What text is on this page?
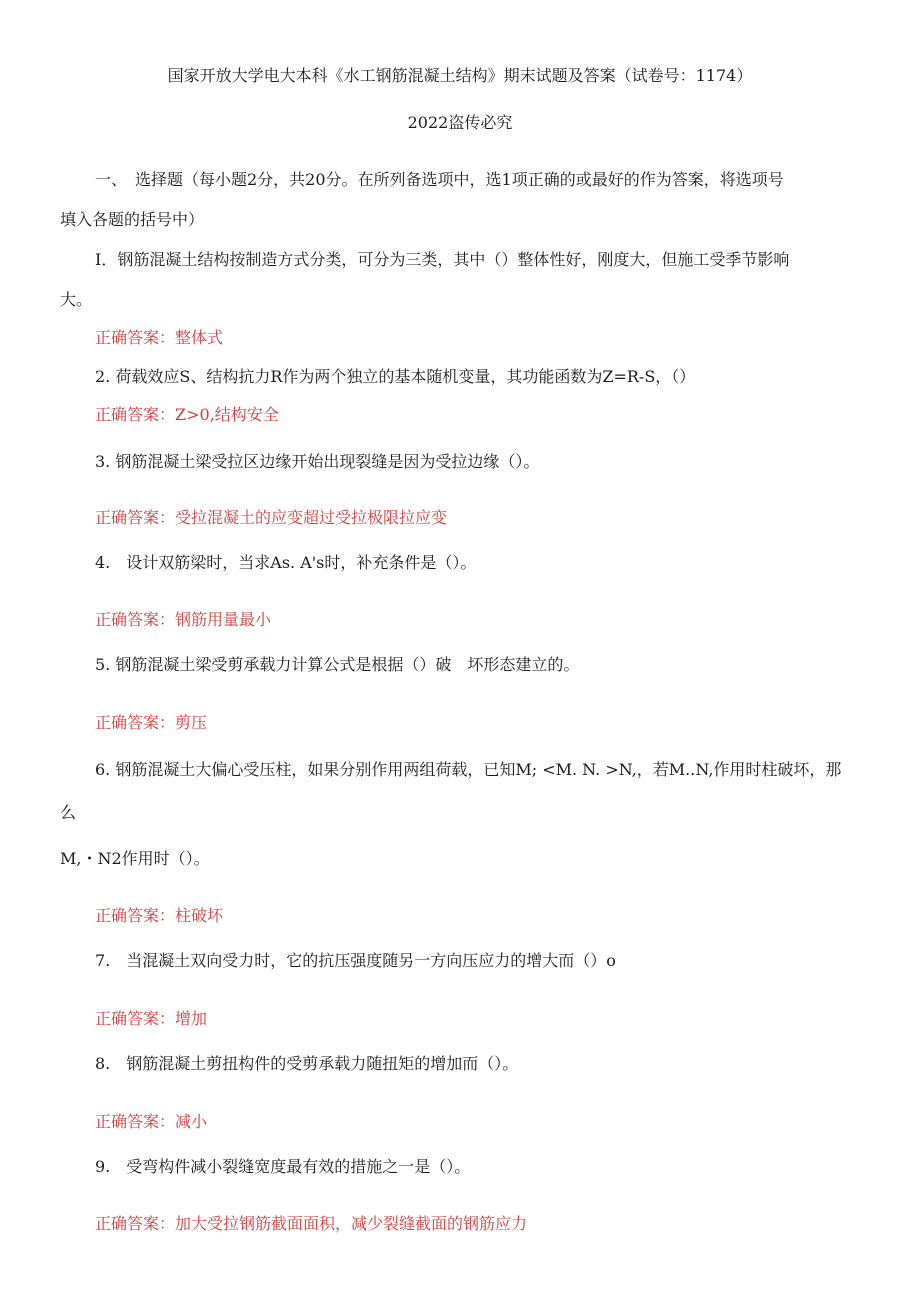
国家开放大学电大本科《水工钢筋混凝土结构》期末试题及答案（试卷号：1174）
2022盗传必究
一、　选择题（每小题2分，共20分。在所列备选项中，选1项正确的或最好的作为答案，将选项号
填入各题的括号中）
I．钢筋混凝土结构按制造方式分类，可分为三类，其中（）整体性好，刚度大，但施工受季节影响
大。
正确答案：整体式
2. 荷载效应S、结构抗力R作为两个独立的基本随机变量，其功能函数为Z=R-S，（）
正确答案：Z>0,结构安全
3. 钢筋混凝土梁受拉区边缘开始出现裂缝是因为受拉边缘（）。
正确答案：受拉混凝土的应变超过受拉极限拉应变
4.　设计双筋梁时，当求As. A's时，补充条件是（）。
正确答案：钢筋用量最小
5. 钢筋混凝土梁受剪承载力计算公式是根据（）破　坏形态建立的。
正确答案：剪压
6. 钢筋混凝土大偏心受压柱，如果分别作用两组荷载，已知M; <M. N. >N,，若M..N,作用时柱破坏，那
么
M,・N2作用时（）。
正确答案：柱破坏
7.　当混凝土双向受力时，它的抗压强度随另一方向压应力的增大而（）o
正确答案：增加
8.　钢筋混凝土剪扭构件的受剪承载力随扭矩的增加而（）。
正确答案：减小
9.　受弯构件减小裂缝宽度最有效的措施之一是（）。
正确答案：加大受拉钢筋截面面积，减少裂缝截面的钢筋应力
